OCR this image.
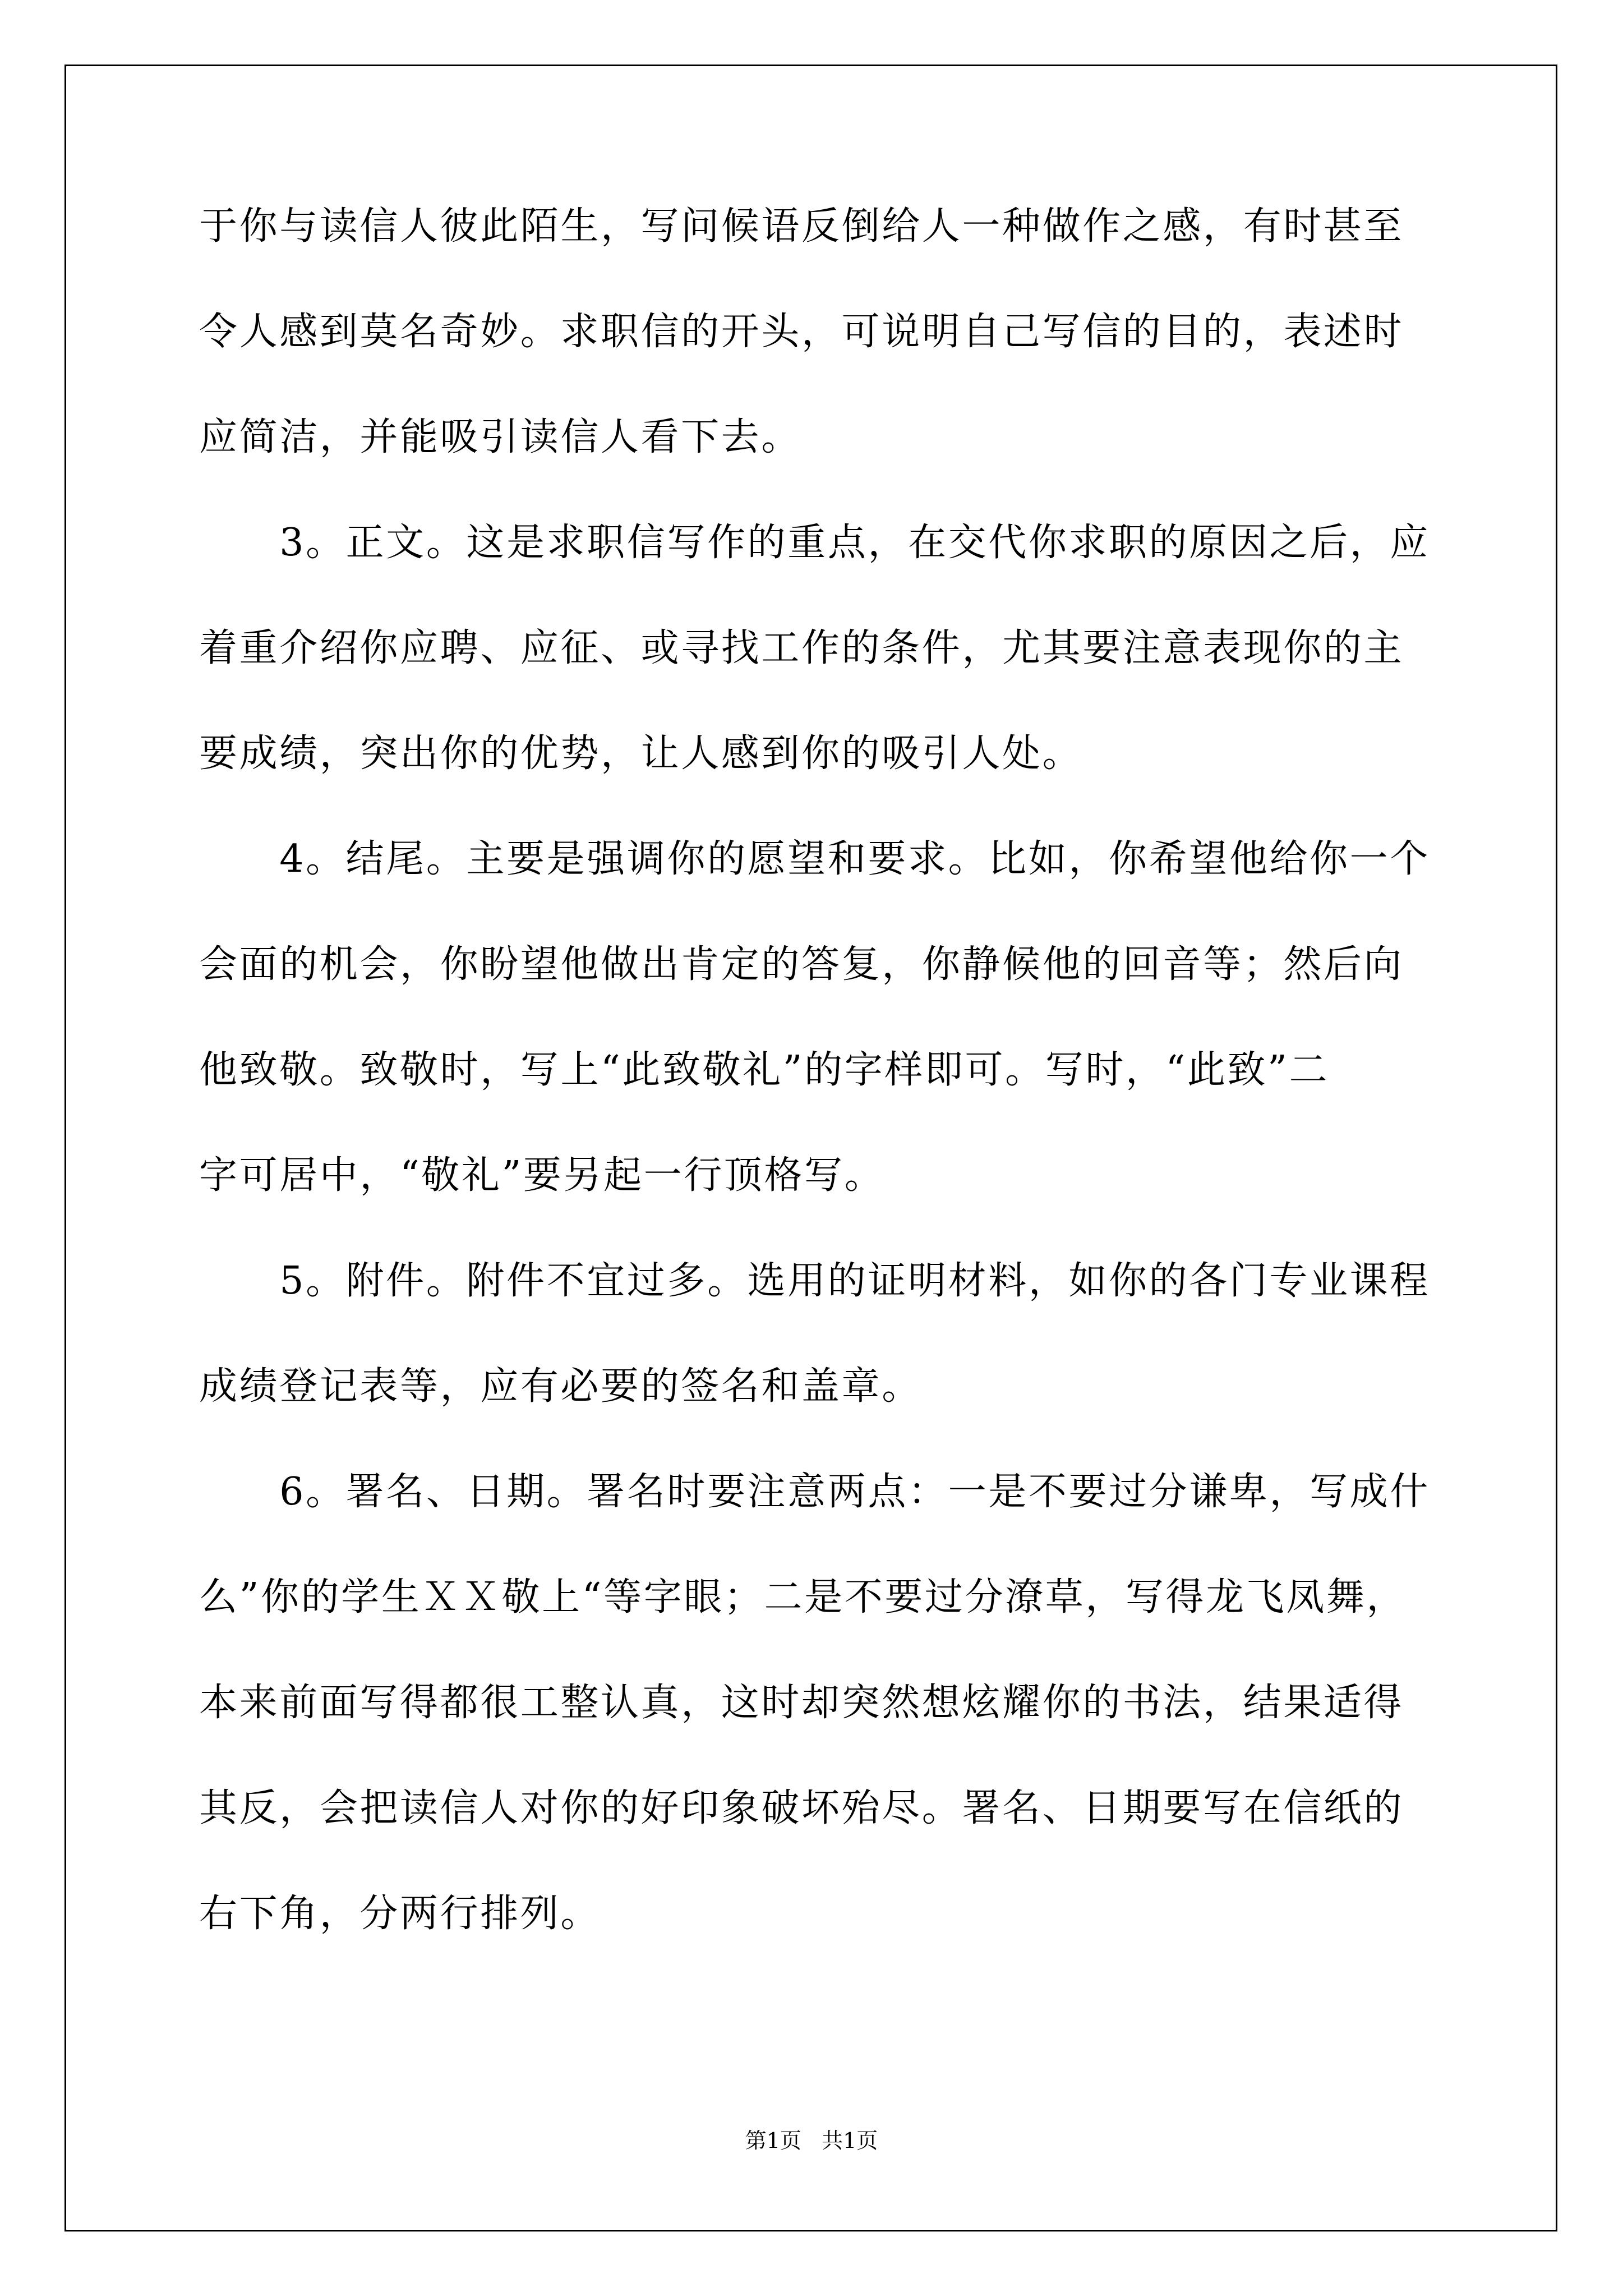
于你与读信人彼此陌生，写问候语反倒给人一种做作之感，有时甚至
令人感到莫名奇妙。求职信的开头，可说明自己写信的目的，表述时
应简洁，并能吸引读信人看下去。
　　3。正文。这是求职信写作的重点，在交代你求职的原因之后，应
着重介绍你应聘、应征、或寻找工作的条件，尤其要注意表现你的主
要成绩，突出你的优势，让人感到你的吸引人处。
　　4。结尾。主要是强调你的愿望和要求。比如，你希望他给你一个
会面的机会，你盼望他做出肯定的答复，你静候他的回音等；然后向
他致敬。致敬时，写上“此致敬礼”的字样即可。写时，“此致”二
字可居中，“敬礼”要另起一行顶格写。
　　5。附件。附件不宜过多。选用的证明材料，如你的各门专业课程
成绩登记表等，应有必要的签名和盖章。
　　6。署名、日期。署名时要注意两点：一是不要过分谦卑，写成什
么”你的学生ＸＸ敬上“等字眼；二是不要过分潦草，写得龙飞凤舞，
本来前面写得都很工整认真，这时却突然想炫耀你的书法，结果适得
其反，会把读信人对你的好印象破坏殆尽。署名、日期要写在信纸的
右下角，分两行排列。
第1页   共1页
